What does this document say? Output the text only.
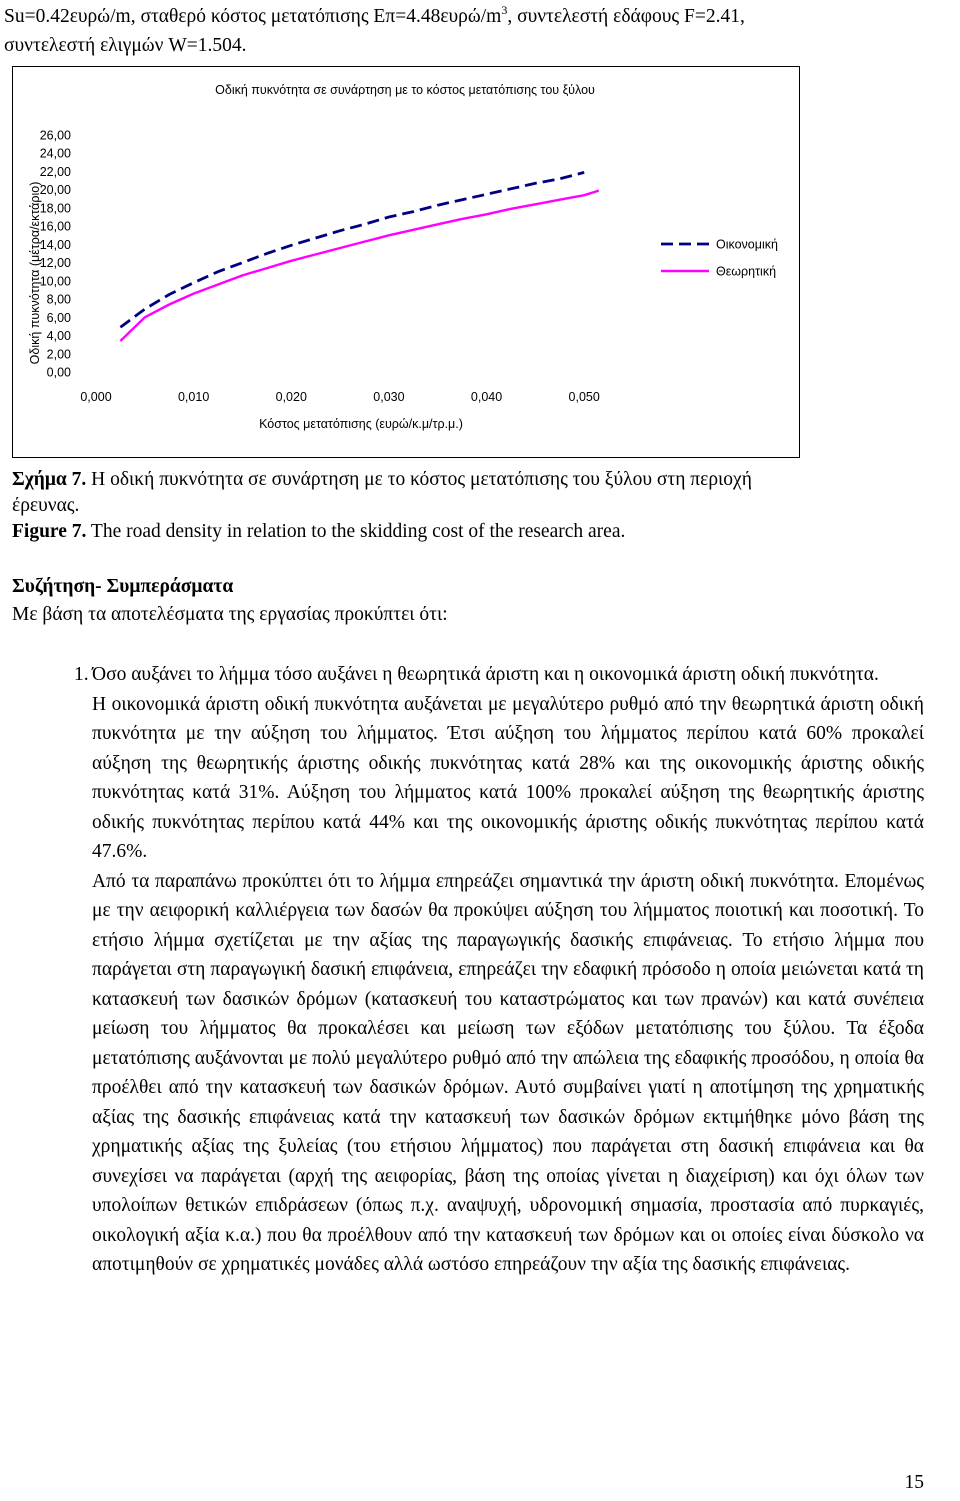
Su=0.42ευρώ/m, σταθερό κόστος μετατόπισης $E\pi=4.48\varepsilon\upsilon\rho ώ/m^3$, συντελεστή εδάφους F=2.41,
συντελεστή ελιγμών W=1.504.

Οδική πυκνότητα σε συνάρτηση με το κόστος μετατόπισης του ξύλου
Οδική πυκνότητα (μέτρα/εκτάριο)
Κόστος μετατόπισης (ευρώ/κ.μ/τρ.μ.)
0,00
2,00
4,00
6,00
8,00
10,00
12,00
14,00
16,00
18,00
20,00
22,00
24,00
26,00
0,000	0,010	0,020	0,030	0,040	0,050
Οικονομική
Θεωρητική

Σχήμα 7. Η οδική πυκνότητα σε συνάρτηση με το κόστος μετατόπισης του ξύλου στη περιοχή
έρευνας.

Figure 7. The road density in relation to the skidding cost of the research area.

Συζήτηση- Συμπεράσματα

Με βάση τα αποτελέσματα της εργασίας προκύπτει ότι:

1. Όσο αυξάνει το λήμμα τόσο αυξάνει η θεωρητικά άριστη και η οικονομικά άριστη οδική πυκνότητα.

Η οικονομικά άριστη οδική πυκνότητα αυξάνεται με μεγαλύτερο ρυθμό από την θεωρητικά άριστη οδική πυκνότητα με την αύξηση του λήμματος. Έτσι αύξηση του λήμματος περίπου κατά 60% προκαλεί αύξηση της θεωρητικής άριστης οδικής πυκνότητας κατά 28% και της οικονομικής άριστης οδικής πυκνότητας κατά 31%. Αύξηση του λήμματος κατά 100% προκαλεί αύξηση της θεωρητικής άριστης οδικής πυκνότητας περίπου κατά 44% και της οικονομικής άριστης οδικής πυκνότητας περίπου κατά 47.6%.

Από τα παραπάνω προκύπτει ότι το λήμμα επηρεάζει σημαντικά την άριστη οδική πυκνότητα. Επομένως με την αειφορική καλλιέργεια των δασών θα προκύψει αύξηση του λήμματος ποιοτική και ποσοτική. Το ετήσιο λήμμα σχετίζεται με την αξίας της παραγωγικής δασικής επιφάνειας. Το ετήσιο λήμμα που παράγεται στη παραγωγική δασική επιφάνεια, επηρεάζει την εδαφική πρόσοδο η οποία μειώνεται κατά τη κατασκευή των δασικών δρόμων (κατασκευή του καταστρώματος και των πρανών) και κατά συνέπεια μείωση του λήμματος θα προκαλέσει και μείωση των εξόδων μετατόπισης του ξύλου. Τα έξοδα μετατόπισης αυξάνονται με πολύ μεγαλύτερο ρυθμό από την απώλεια της εδαφικής προσόδου, η οποία θα προέλθει από την κατασκευή των δασικών δρόμων. Αυτό συμβαίνει γιατί η αποτίμηση της χρηματικής αξίας της δασικής επιφάνειας κατά την κατασκευή των δασικών δρόμων εκτιμήθηκε μόνο βάση της χρηματικής αξίας της ξυλείας (του ετήσιου λήμματος) που παράγεται στη δασική επιφάνεια και θα συνεχίσει να παράγεται (αρχή της αειφορίας, βάση της οποίας γίνεται η διαχείριση) και όχι όλων των υπολοίπων θετικών επιδράσεων (όπως π.χ. αναψυχή, υδρονομική σημασία, προστασία από πυρκαγιές, οικολογική αξία κ.α.) που θα προέλθουν από την κατασκευή των δρόμων και οι οποίες είναι δύσκολο να αποτιμηθούν σε χρηματικές μονάδες αλλά ωστόσο επηρεάζουν την αξία της δασικής επιφάνειας.

15
